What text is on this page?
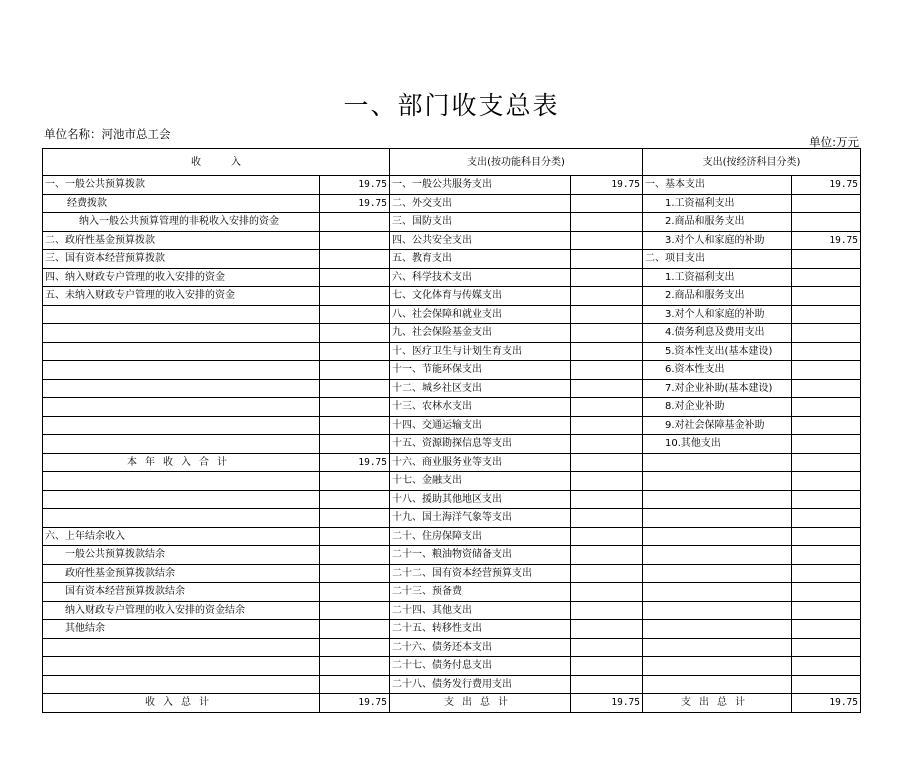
一、部门收支总表
单位名称：河池市总工会
单位:万元
收　　　入		支出(按功能科目分类)		支出(按经济科目分类)	
一、一般公共预算拨款	19.75	一、一般公共服务支出	19.75	一、基本支出	19.75
经费拨款	19.75	二、外交支出		1.工资福利支出	
纳入一般公共预算管理的非税收入安排的资金		三、国防支出		2.商品和服务支出	
二、政府性基金预算拨款		四、公共安全支出		3.对个人和家庭的补助	19.75
三、国有资本经营预算拨款		五、教育支出		二、项目支出	
四、纳入财政专户管理的收入安排的资金		六、科学技术支出		1.工资福利支出	
五、未纳入财政专户管理的收入安排的资金		七、文化体育与传媒支出		2.商品和服务支出	
		八、社会保障和就业支出		3.对个人和家庭的补助	
		九、社会保险基金支出		4.债务利息及费用支出	
		十、医疗卫生与计划生育支出		5.资本性支出(基本建设)	
		十一、节能环保支出		6.资本性支出	
		十二、城乡社区支出		7.对企业补助(基本建设)	
		十三、农林水支出		8.对企业补助	
		十四、交通运输支出		9.对社会保障基金补助	
		十五、资源勘探信息等支出		10.其他支出	
本年收入合计	19.75	十六、商业服务业等支出			
		十七、金融支出			
		十八、援助其他地区支出			
		十九、国土海洋气象等支出			
六、上年结余收入		二十、住房保障支出			
一般公共预算拨款结余		二十一、粮油物资储备支出			
政府性基金预算拨款结余		二十二、国有资本经营预算支出			
国有资本经营预算拨款结余		二十三、预备费			
纳入财政专户管理的收入安排的资金结余		二十四、其他支出			
其他结余		二十五、转移性支出			
		二十六、债务还本支出			
		二十七、债务付息支出			
		二十八、债务发行费用支出			
收入总计	19.75	支出总计	19.75	支出总计	19.75
